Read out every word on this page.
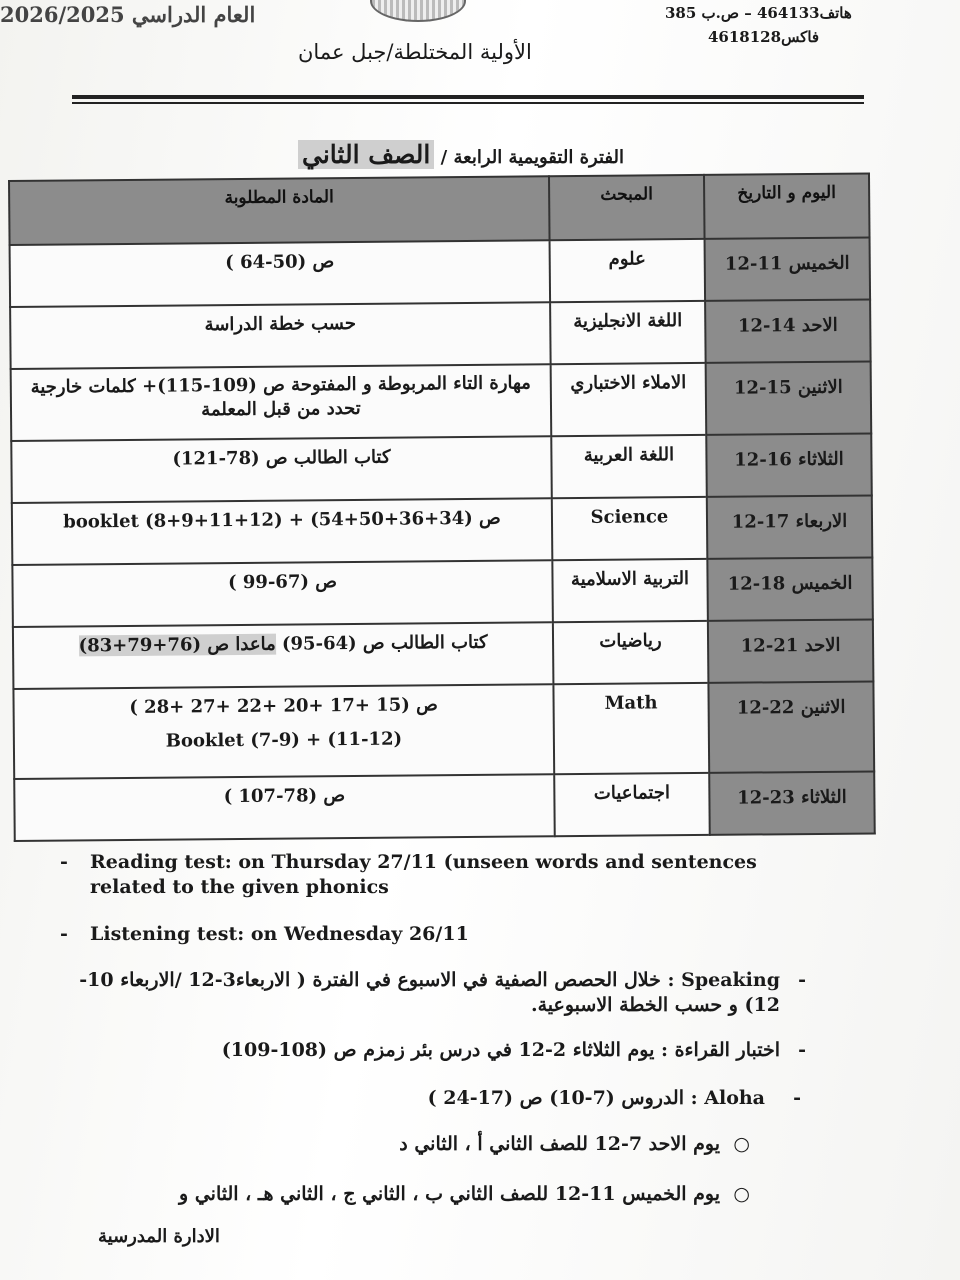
العام الدراسي 2026/2025	هاتف464133 – ص.ب 385
فاكس4618128
الأولية المختلطة/جبل عمان
الفترة التقويمية الرابعة / الصف الثاني
اليوم و التاريخ	المبحث	المادة المطلوبة
الخميس 11-12	علوم	ص (50-64 )
الاحد 14-12	اللغة الانجليزية	حسب خطة الدراسة
الاثنين 15-12	الاملاء الاختباري	مهارة التاء المربوطة و المفتوحة ص (109-115)+ كلمات خارجية تحدد من قبل المعلمة
الثلاثاء 16-12	اللغة العربية	كتاب الطالب ص (78-121)
الاربعاء 17-12	Science	ص (34+36+50+54) + booklet (8+9+11+12)
الخميس 18-12	التربية الاسلامية	ص (67-99 )
الاحد 21-12	رياضيات	كتاب الطالب ص (64-95) ماعدا ص (76+79+83)
الاثنين 22-12	Math	ص (15 +17 +20 +22 +27 +28 )
Booklet (7-9) + (11-12)

الثلاثاء 23-12	اجتماعيات	ص (78-107 )
- Reading test: on Thursday 27/11 (unseen words and sentences related to the given phonics
- Listening test: on Wednesday 26/11
-
Speaking : خلال الحصص الصفية في الاسبوع في الفترة ( الاربعاء3-12 /الاربعاء 10-12) و حسب الخطة الاسبوعية.
-
اختبار القراءة : يوم الثلاثاء 2-12 في درس بئر زمزم ص (108-109)
-
Aloha : الدروس (7-10) ص (17-24 )
○
يوم الاحد 7-12 للصف الثاني أ ، الثاني د
○
يوم الخميس 11-12 للصف الثاني ب ، الثاني ج ، الثاني هـ ، الثاني و
الادارة المدرسية
